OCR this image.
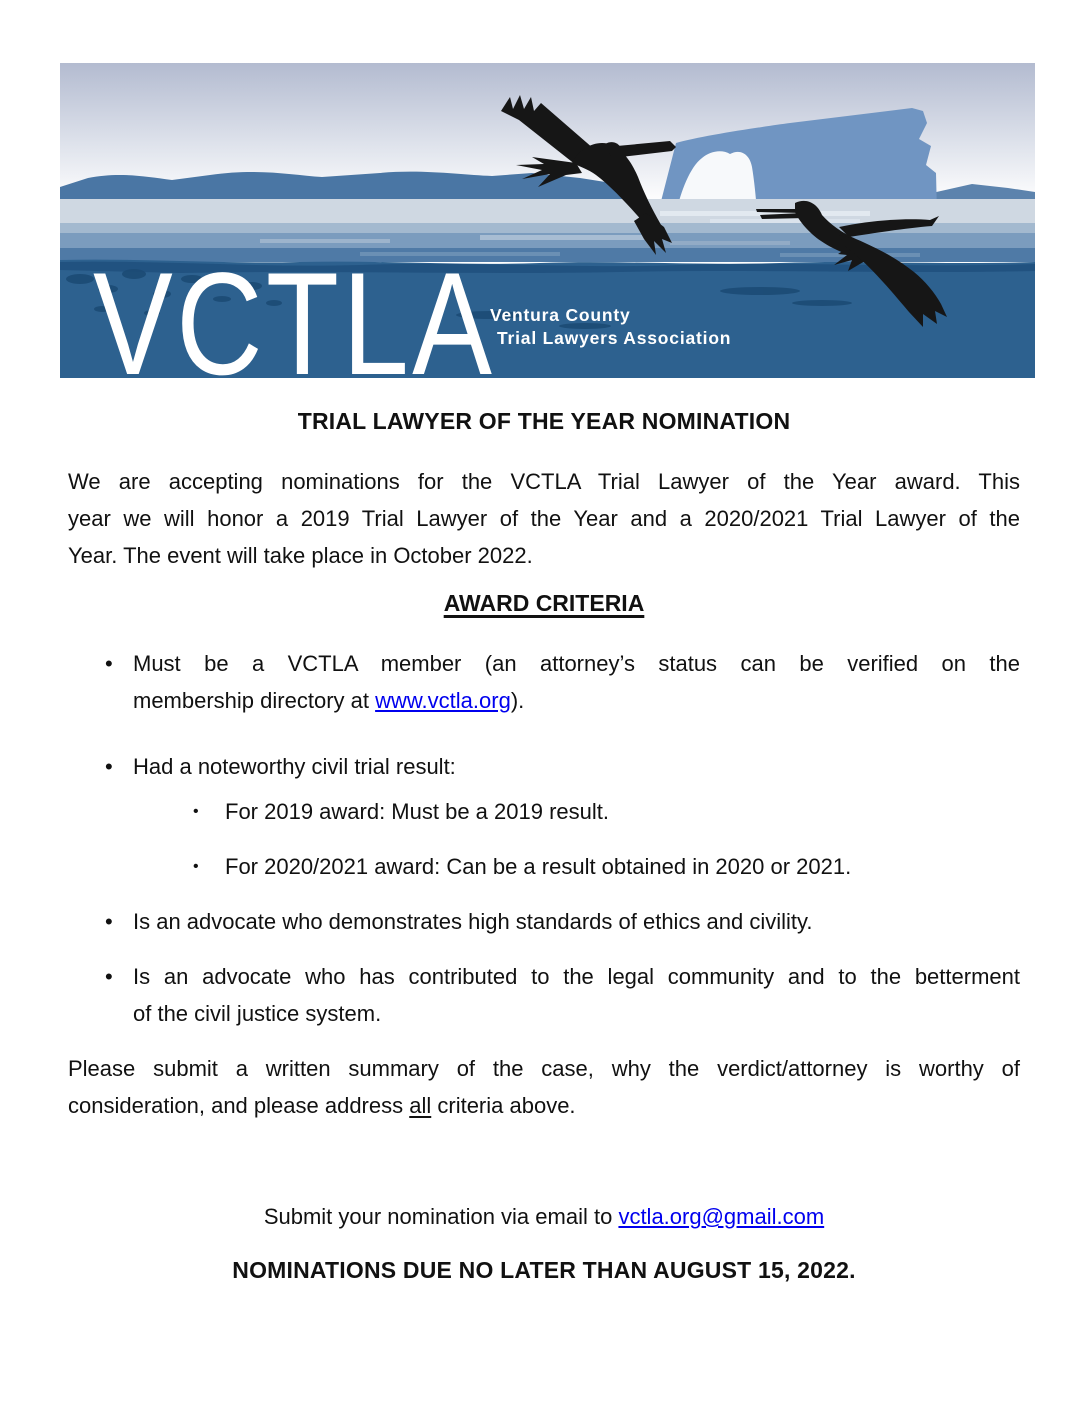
VCTLA
Ventura County
Trial Lawyers Association
TRIAL LAWYER OF THE YEAR NOMINATION
We are accepting nominations for the VCTLA Trial Lawyer of the Year award. This
year we will honor a 2019 Trial Lawyer of the Year and a 2020/2021 Trial Lawyer of the
Year. The event will take place in October 2022.
AWARD CRITERIA
• Must be a VCTLA member (an attorney’s status can be verified on the
membership directory at www.vctla.org).
• Had a noteworthy civil trial result:
•	For 2019 award: Must be a 2019 result.
•	For 2020/2021 award: Can be a result obtained in 2020 or 2021.
• Is an advocate who demonstrates high standards of ethics and civility.
• Is an advocate who has contributed to the legal community and to the betterment
of the civil justice system.
Please submit a written summary of the case, why the verdict/attorney is worthy of
consideration, and please address all criteria above.
Submit your nomination via email to vctla.org@gmail.com
NOMINATIONS DUE NO LATER THAN AUGUST 15, 2022.
